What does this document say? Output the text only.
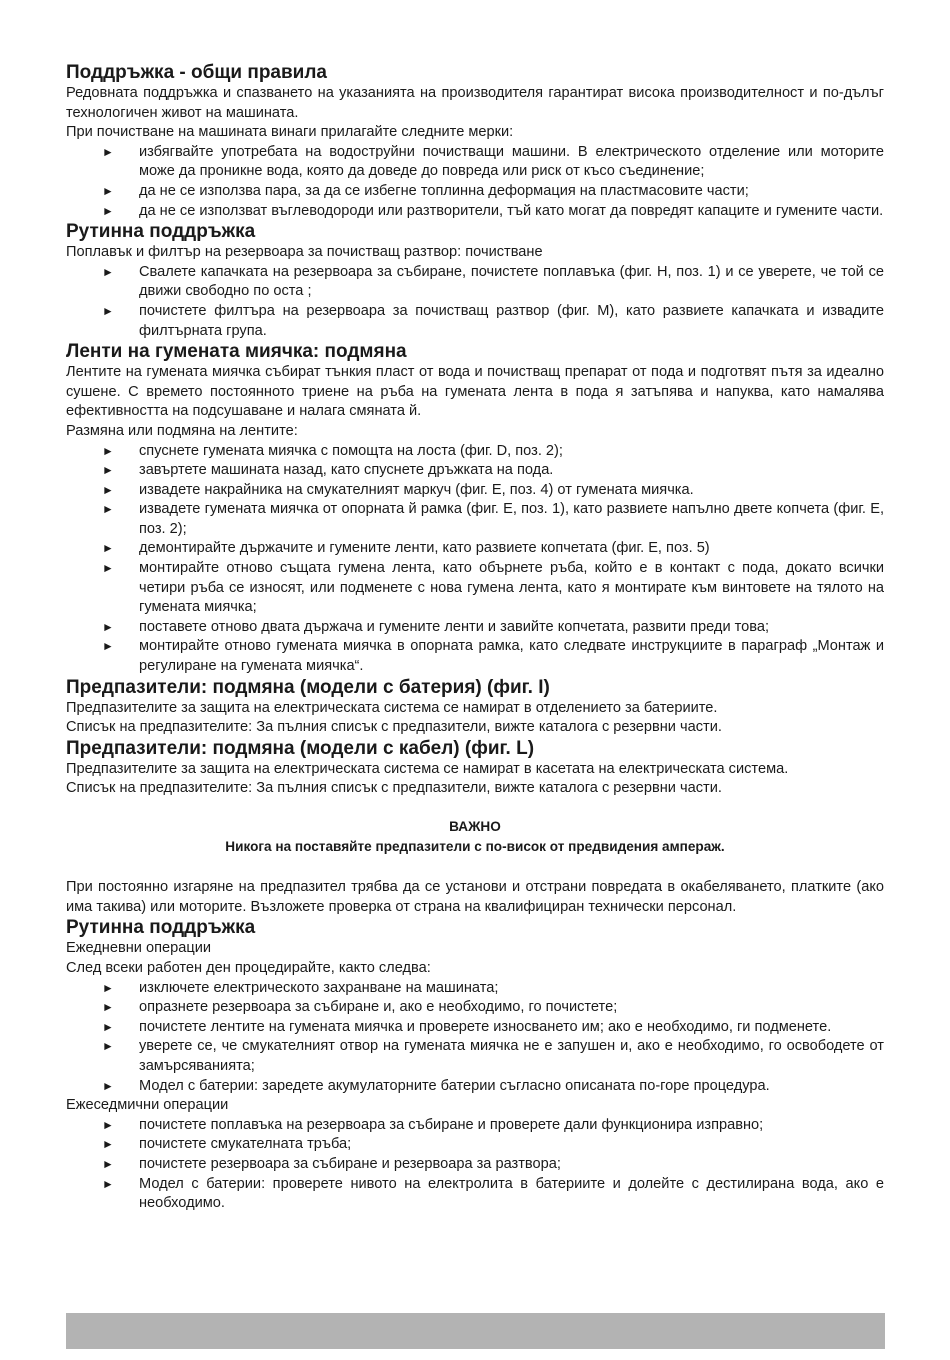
Поддръжка - общи правила

Редовната поддръжка и спазването на указанията на производителя гарантират висока производителност и по-дълъг технологичен живот на машината.

При почистване на машината винаги прилагайте следните мерки:

► избягвайте употребата на водоструйни почистващи машини. В електрическото отделение или моторите може да проникне вода, която да доведе до повреда или риск от късо съединение;
► да не се използва пара, за да се избегне топлинна деформация на пластмасовите части;
► да не се използват въглеводороди или разтворители, тъй като могат да повредят капаците и гумените части.
Рутинна поддръжка

Поплавък и филтър на резервоара за почистващ разтвор: почистване

► Свалете капачката на резервоара за събиране, почистете поплавъка (фиг. H, поз. 1) и се уверете, че той се движи свободно по оста ;
► почистете филтъра на резервоара за почистващ разтвор (фиг. M), като развиете капачката и извадите филтърната група.
Ленти на гумената миячка: подмяна

Лентите на гумената миячка събират тънкия пласт от вода и почистващ препарат от пода и подготвят пътя за идеално сушене. С времето постоянното триене на ръба на гумената лента в пода я затъпява и напуква, като намалява ефективността на подсушаване и налага смяната й.

Размяна или подмяна на лентите:

► спуснете гумената миячка с помощта на лоста (фиг. D, поз. 2);
► завъртете машината назад, като спуснете дръжката на пода.
► извадете накрайника на смукателният маркуч (фиг. E, поз. 4) от гумената миячка.
► извадете гумената миячка от опорната й рамка (фиг. E, поз. 1), като развиете напълно двете копчета (фиг. E, поз. 2);
► демонтирайте държачите и гумените ленти, като развиете копчетата (фиг. E, поз. 5)
► монтирайте отново същата гумена лента, като обърнете ръба, който е в контакт с пода, докато всички четири ръба се износят, или подменете с нова гумена лента, като я монтирате към винтовете на тялото на гумената миячка;
► поставете отново двата държача и гумените ленти и завийте копчетата, развити преди това;
► монтирайте отново гумената миячка в опорната рамка, като следвате инструкциите в параграф „Монтаж и регулиране на гумената миячка“.
Предпазители: подмяна (модели с батерия) (фиг. I)

Предпазителите за защита на електрическата система се намират в отделението за батериите.

Списък на предпазителите: За пълния списък с предпазители, вижте каталога с резервни части.

Предпазители: подмяна (модели с кабел) (фиг. L)

Предпазителите за защита на електрическата система се намират в касетата на електрическата система.

Списък на предпазителите: За пълния списък с предпазители, вижте каталога с резервни части.

ВАЖНО
Никога на поставяйте предпазители с по-висок от предвидения ампераж.

При постоянно изгаряне на предпазител трябва да се установи и отстрани повредата в окабеляването, платките (ако има такива) или моторите. Възложете проверка от страна на квалифициран технически персонал.

Рутинна поддръжка

Ежедневни операции

След всеки работен ден процедирайте, както следва:

► изключете електрическото захранване на машината;
► опразнете резервоара за събиране и, ако е необходимо, го почистете;
► почистете лентите на гумената миячка и проверете износването им; ако е необходимо, ги подменете.
► уверете се, че смукателният отвор на гумената миячка не е запушен и, ако е необходимо, го освободете от замърсяванията;
► Модел с батерии: заредете акумулаторните батерии съгласно описаната по-горе процедура.

Ежеседмични операции

► почистете поплавъка на резервоара за събиране и проверете дали функционира изправно;
► почистете смукателната тръба;
► почистете резервоара за събиране и резервоара за разтвора;
► Модел с батерии: проверете нивото на електролита в батериите и долейте с дестилирана вода, ако е необходимо.
